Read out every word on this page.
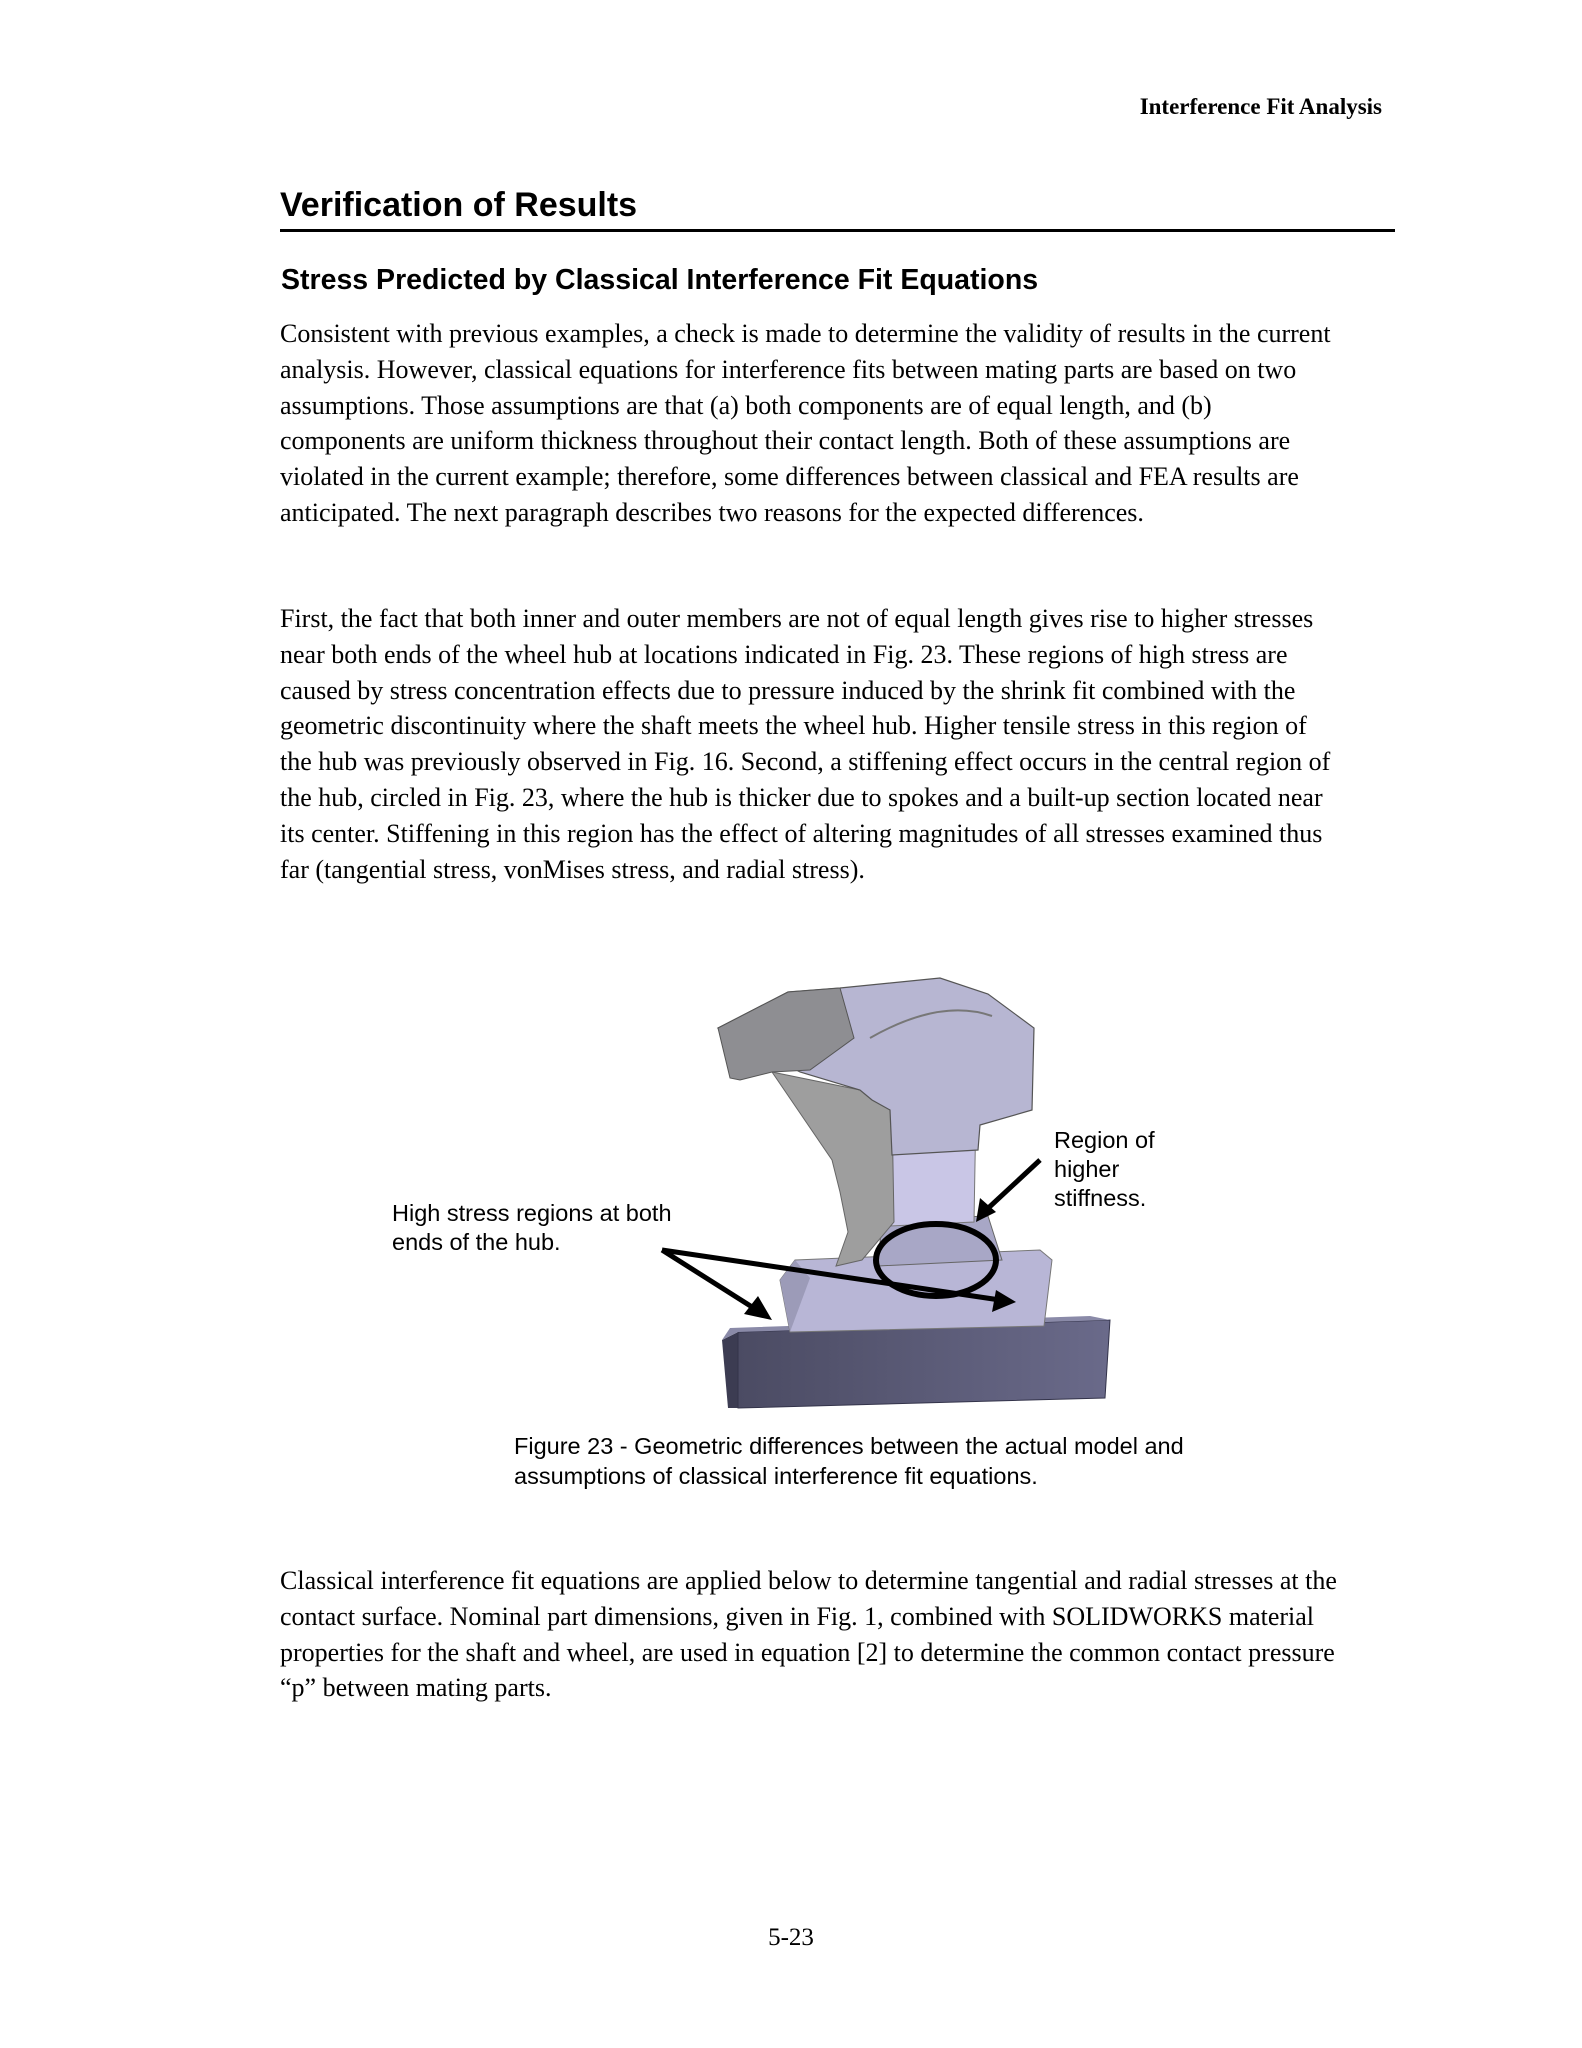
Interference Fit Analysis
Verification of Results
Stress Predicted by Classical Interference Fit Equations

Consistent with previous examples, a check is made to determine the validity of results in the current analysis. However, classical equations for interference fits between mating parts are based on two assumptions. Those assumptions are that (a) both components are of equal length, and (b) components are uniform thickness throughout their contact length. Both of these assumptions are violated in the current example; therefore, some differences between classical and FEA results are anticipated. The next paragraph describes two reasons for the expected differences.

First, the fact that both inner and outer members are not of equal length gives rise to higher stresses near both ends of the wheel hub at locations indicated in Fig. 23. These regions of high stress are caused by stress concentration effects due to pressure induced by the shrink fit combined with the geometric discontinuity where the shaft meets the wheel hub. Higher tensile stress in this region of the hub was previously observed in Fig. 16. Second, a stiffening effect occurs in the central region of the hub, circled in Fig. 23, where the hub is thicker due to spokes and a built-up section located near its center. Stiffening in this region has the effect of altering magnitudes of all stresses examined thus far (tangential stress, vonMises stress, and radial stress).

High stress regions at both ends of the hub.

Region of higher stiffness.

Figure 23 - Geometric differences between the actual model and assumptions of classical interference fit equations.

Classical interference fit equations are applied below to determine tangential and radial stresses at the contact surface. Nominal part dimensions, given in Fig. 1, combined with SOLIDWORKS material properties for the shaft and wheel, are used in equation [2] to determine the common contact pressure “p” between mating parts.

5-23
